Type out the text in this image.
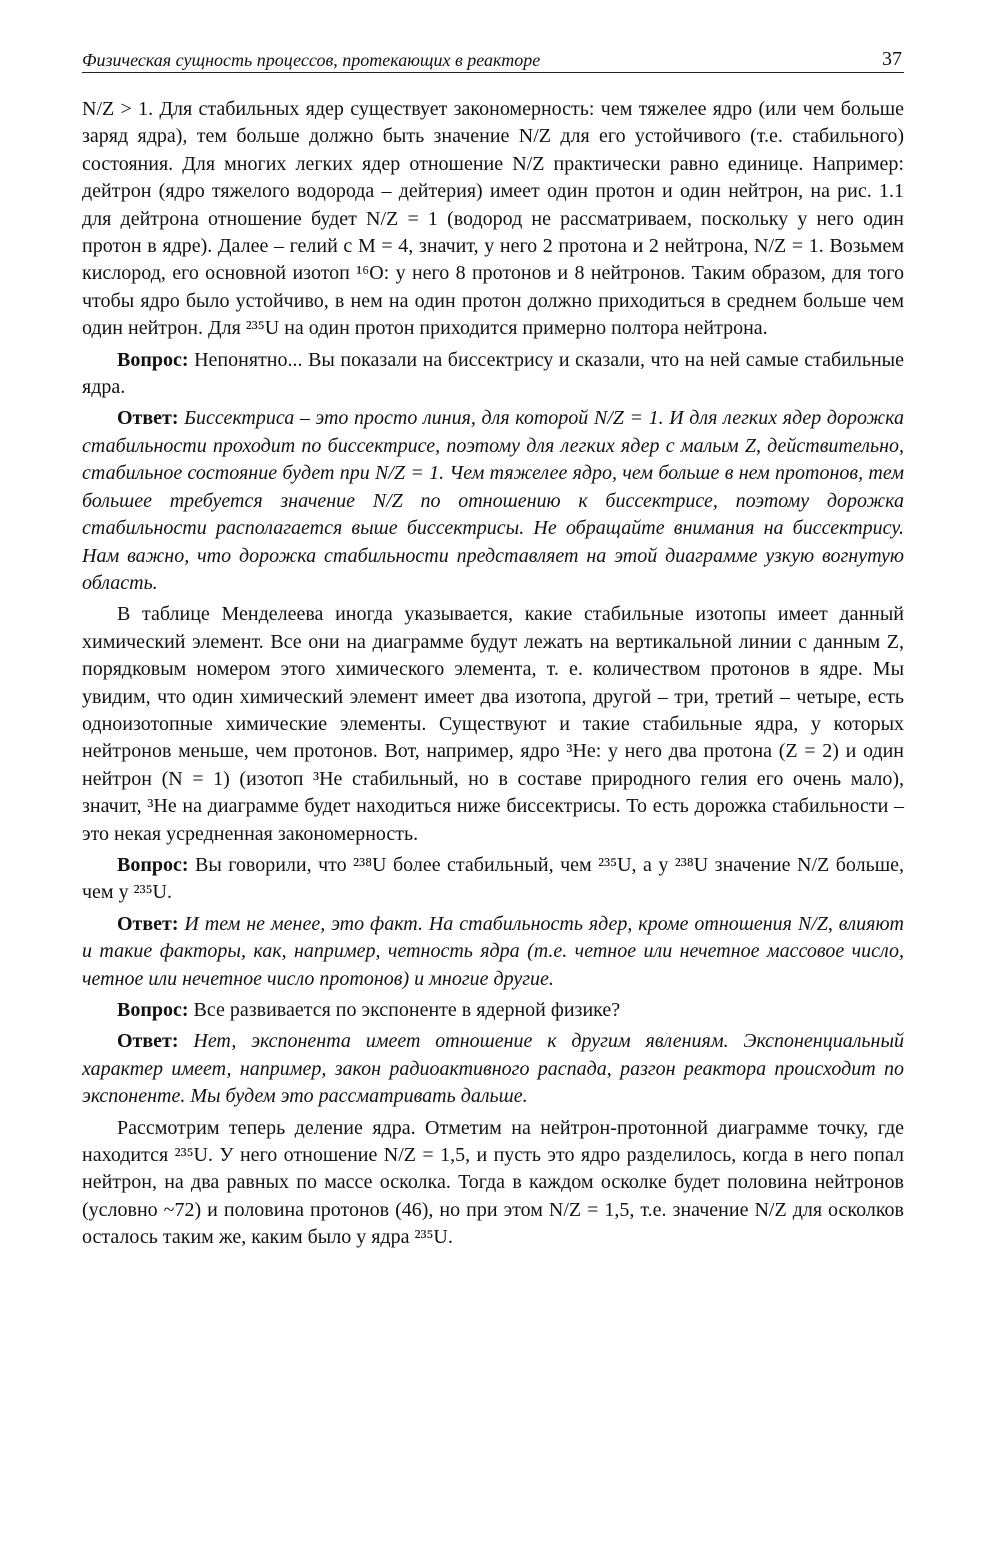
Физическая сущность процессов, протекающих в реакторе	37

N/Z > 1. Для стабильных ядер существует закономерность: чем тяжелее ядро (или чем больше заряд ядра), тем больше должно быть значение N/Z для его устойчивого (т.е. стабильного) состояния. Для многих легких ядер отношение N/Z практически равно единице. Например: дейтрон (ядро тяжелого водорода – дейтерия) имеет один протон и один нейтрон, на рис. 1.1 для дейтрона отношение будет N/Z = 1 (водород не рассматриваем, поскольку у него один протон в ядре). Далее – гелий с M = 4, значит, у него 2 протона и 2 нейтрона, N/Z = 1. Возьмем кислород, его основной изотоп ¹⁶O: у него 8 протонов и 8 нейтронов. Таким образом, для того чтобы ядро было устойчиво, в нем на один протон должно приходиться в среднем больше чем один нейтрон. Для ²³⁵U на один протон приходится примерно полтора нейтрона.

Вопрос: Непонятно... Вы показали на биссектрису и сказали, что на ней самые стабильные ядра.

Ответ: Биссектриса – это просто линия, для которой N/Z = 1. И для легких ядер дорожка стабильности проходит по биссектрисе, поэтому для легких ядер с малым Z, действительно, стабильное состояние будет при N/Z = 1. Чем тяжелее ядро, чем больше в нем протонов, тем большее требуется значение N/Z по отношению к биссектрисе, поэтому дорожка стабильности располагается выше биссектрисы. Не обращайте внимания на биссектрису. Нам важно, что дорожка стабильности представляет на этой диаграмме узкую вогнутую область.

В таблице Менделеева иногда указывается, какие стабильные изотопы имеет данный химический элемент. Все они на диаграмме будут лежать на вертикальной линии с данным Z, порядковым номером этого химического элемента, т. е. количеством протонов в ядре. Мы увидим, что один химический элемент имеет два изотопа, другой – три, третий – четыре, есть одноизотопные химические элементы. Существуют и такие стабильные ядра, у которых нейтронов меньше, чем протонов. Вот, например, ядро ³He: у него два протона (Z = 2) и один нейтрон (N = 1) (изотоп ³He стабильный, но в составе природного гелия его очень мало), значит, ³He на диаграмме будет находиться ниже биссектрисы. То есть дорожка стабильности – это некая усредненная закономерность.

Вопрос: Вы говорили, что ²³⁸U более стабильный, чем ²³⁵U, а у ²³⁸U значение N/Z больше, чем у ²³⁵U.

Ответ: И тем не менее, это факт. На стабильность ядер, кроме отношения N/Z, влияют и такие факторы, как, например, четность ядра (т.е. четное или нечетное массовое число, четное или нечетное число протонов) и многие другие.

Вопрос: Все развивается по экспоненте в ядерной физике?

Ответ: Нет, экспонента имеет отношение к другим явлениям. Экспоненциальный характер имеет, например, закон радиоактивного распада, разгон реактора происходит по экспоненте. Мы будем это рассматривать дальше.

Рассмотрим теперь деление ядра. Отметим на нейтрон-протонной диаграмме точку, где находится ²³⁵U. У него отношение N/Z = 1,5, и пусть это ядро разделилось, когда в него попал нейтрон, на два равных по массе осколка. Тогда в каждом осколке будет половина нейтронов (условно ~72) и половина протонов (46), но при этом N/Z = 1,5, т.е. значение N/Z для осколков осталось таким же, каким было у ядра ²³⁵U.
